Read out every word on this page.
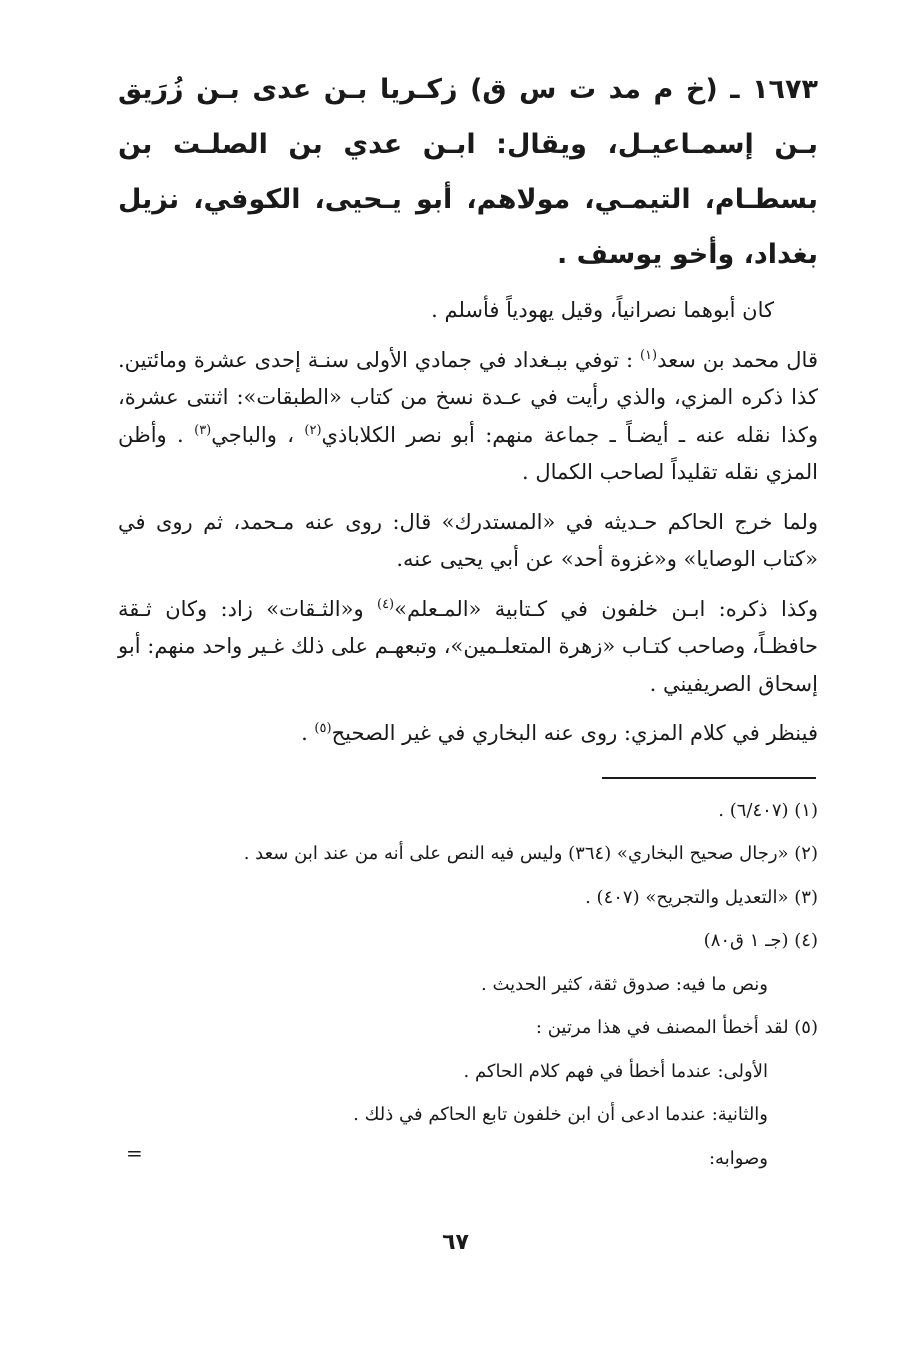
١٦٧٣ ـ (خ م مد ت س ق) زكـريا بـن عدى بـن زُرَيق بـن إسمـاعيـل، ويقال: ابـن عدي بن الصلـت بن بسطـام، التيمـي، مولاهم، أبو يـحيى، الكوفي، نزيل بغداد، وأخو يوسف .

كان أبوهما نصرانياً، وقيل يهودياً فأسلم .

قال محمد بن سعد$^{(١)}$ : توفي ببـغداد في جمادي الأولى سنـة إحدى عشرة ومائتين. كذا ذكره المزي، والذي رأيت في عـدة نسخ من كتاب «الطبقات»: اثنتى عشرة، وكذا نقله عنه ـ أيضـاً ـ جماعة منهم: أبو نصر الكلاباذي$^{(٢)}$ ، والباجي$^{(٣)}$ . وأظن المزي نقله تقليداً لصاحب الكمال .

ولما خرج الحاكم حـديثه في «المستدرك» قال: روى عنه مـحمد، ثم روى في «كتاب الوصايا» و«غزوة أحد» عن أبي يحيى عنه.

وكذا ذكره: ابـن خلفون في كـتابية «المـعلم»$^{(٤)}$ و«الثـقات» زاد: وكان ثـقة حافظـاً، وصاحب كتـاب «زهرة المتعلـمين»، وتبعهـم على ذلك غـير واحد منهم: أبو إسحاق الصريفيني .

فينظر في كلام المزي: روى عنه البخاري في غير الصحيح$^{(٥)}$ .

(١) (٦/٤٠٧) .

(٢) «رجال صحيح البخاري» (٣٦٤) وليس فيه النص على أنه من عند ابن سعد .

(٣) «التعديل والتجريح» (٤٠٧) .

(٤) (جـ ١ ق٨٠)

ونص ما فيه: صدوق ثقة، كثير الحديث .

(٥) لقد أخطأ المصنف في هذا مرتين :

الأولى: عندما أخطأ في فهم كلام الحاكم .

والثانية: عندما ادعى أن ابن خلفون تابع الحاكم في ذلك .

وصوابه:

=
٦٧
